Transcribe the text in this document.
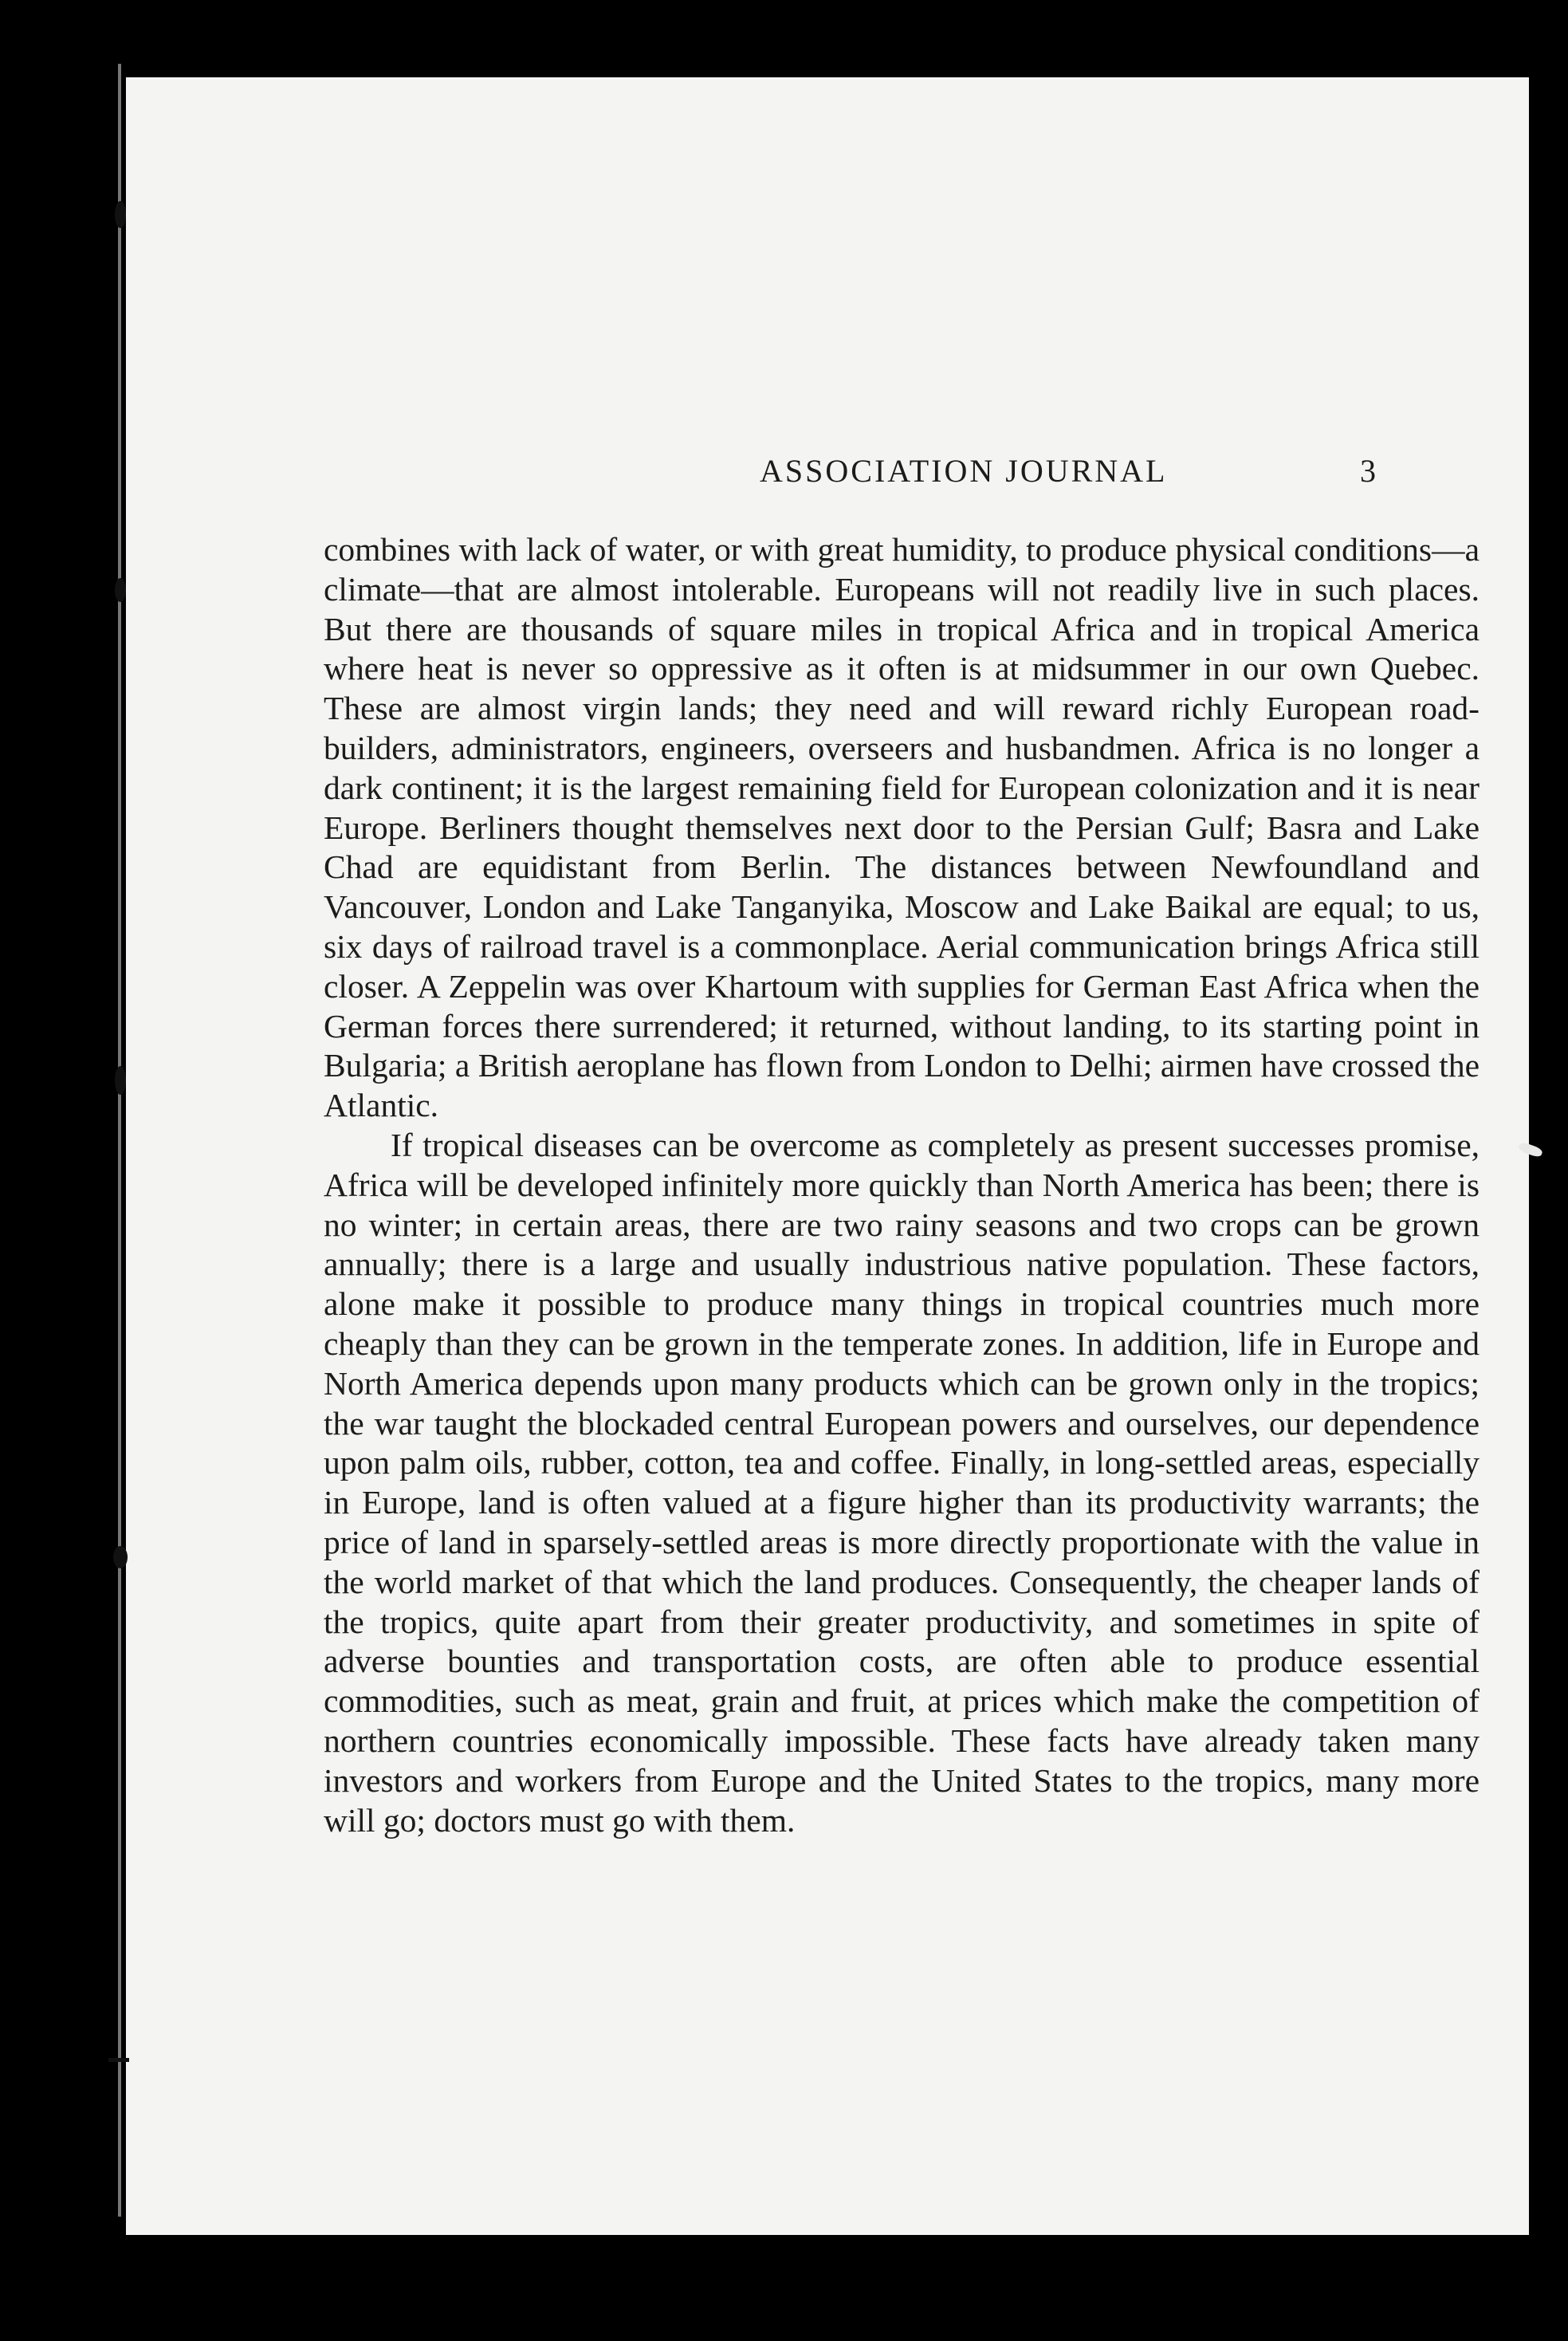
ASSOCIATION JOURNAL	3

combines with lack of water, or with great humidity, to produce physical conditions—a climate—that are almost intolerable. Europeans will not readily live in such places. But there are thousands of square miles in tropical Africa and in tropical America where heat is never so oppressive as it often is at midsummer in our own Quebec. These are almost virgin lands; they need and will reward richly European road-builders, administrators, engineers, overseers and husbandmen. Africa is no longer a dark continent; it is the largest remaining field for European colonization and it is near Europe. Berliners thought themselves next door to the Persian Gulf; Basra and Lake Chad are equidistant from Berlin. The distances between Newfoundland and Vancouver, London and Lake Tanganyika, Moscow and Lake Baikal are equal; to us, six days of railroad travel is a commonplace. Aerial communication brings Africa still closer. A Zeppelin was over Khartoum with supplies for German East Africa when the German forces there surrendered; it returned, without landing, to its starting point in Bulgaria; a British aeroplane has flown from London to Delhi; airmen have crossed the Atlantic.

If tropical diseases can be overcome as completely as present successes promise, Africa will be developed infinitely more quickly than North America has been; there is no winter; in certain areas, there are two rainy seasons and two crops can be grown annually; there is a large and usually industrious native population. These factors, alone make it possible to produce many things in tropical countries much more cheaply than they can be grown in the temperate zones. In addition, life in Europe and North America depends upon many products which can be grown only in the tropics; the war taught the blockaded central European powers and ourselves, our dependence upon palm oils, rubber, cotton, tea and coffee. Finally, in long-settled areas, especially in Europe, land is often valued at a figure higher than its productivity warrants; the price of land in sparsely-settled areas is more directly proportionate with the value in the world market of that which the land produces. Consequently, the cheaper lands of the tropics, quite apart from their greater productivity, and sometimes in spite of adverse bounties and transportation costs, are often able to produce essential commodities, such as meat, grain and fruit, at prices which make the competition of northern countries economically impossible. These facts have already taken many investors and workers from Europe and the United States to the tropics, many more will go; doctors must go with them.
